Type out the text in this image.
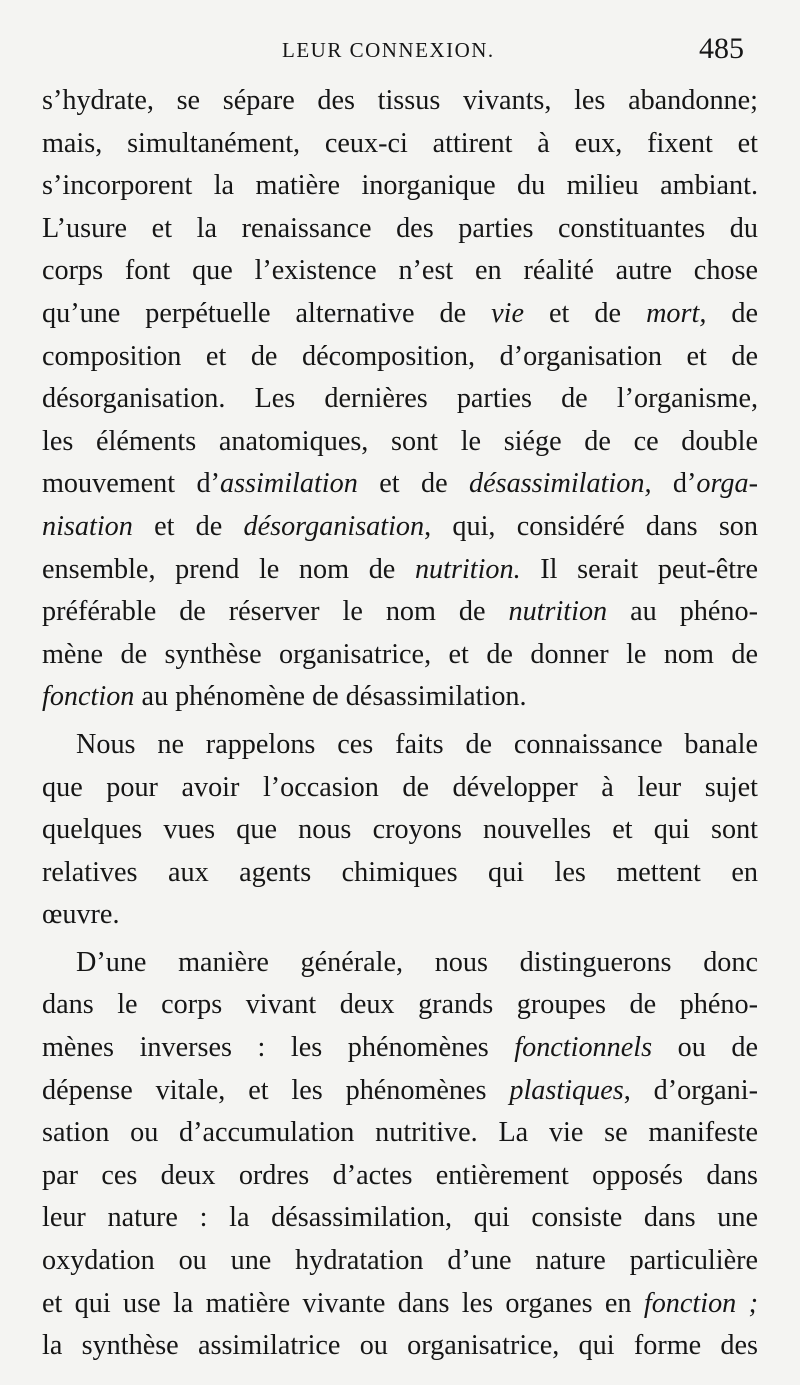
LEUR CONNEXION.	485

s’hydrate, se sépare des tissus vivants, les abandonne;

mais, simultanément, ceux-ci attirent à eux, fixent et

s’incorporent la matière inorganique du milieu ambiant.

L’usure et la renaissance des parties constituantes du

corps font que l’existence n’est en réalité autre chose

qu’une perpétuelle alternative de vie et de mort, de

composition et de décomposition, d’organisation et de

désorganisation. Les dernières parties de l’organisme,

les éléments anatomiques, sont le siége de ce double

mouvement d’assimilation et de désassimilation, d’orga-

nisation et de désorganisation, qui, considéré dans son

ensemble, prend le nom de nutrition. Il serait peut-être

préférable de réserver le nom de nutrition au phéno-

mène de synthèse organisatrice, et de donner le nom de

fonction au phénomène de désassimilation.

Nous ne rappelons ces faits de connaissance banale

que pour avoir l’occasion de développer à leur sujet

quelques vues que nous croyons nouvelles et qui sont

relatives aux agents chimiques qui les mettent en

œuvre.

D’une manière générale, nous distinguerons donc

dans le corps vivant deux grands groupes de phéno-

mènes inverses : les phénomènes fonctionnels ou de

dépense vitale, et les phénomènes plastiques, d’organi-

sation ou d’accumulation nutritive. La vie se manifeste

par ces deux ordres d’actes entièrement opposés dans

leur nature : la désassimilation, qui consiste dans une

oxydation ou une hydratation d’une nature particulière

et qui use la matière vivante dans les organes en fonction ;

la synthèse assimilatrice ou organisatrice, qui forme des
